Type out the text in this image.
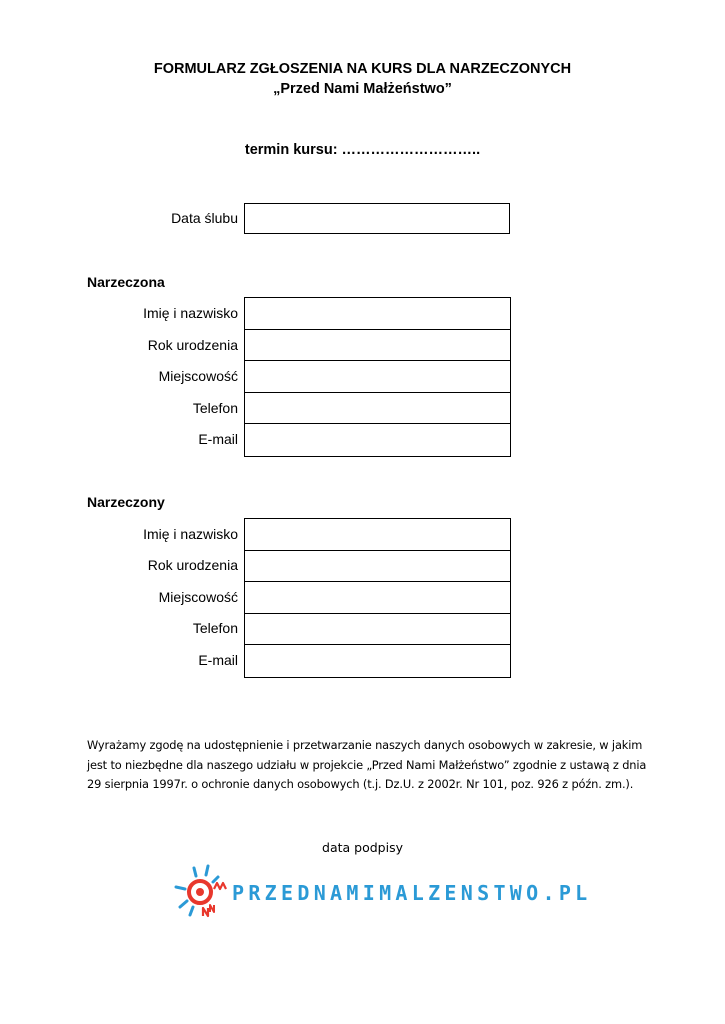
FORMULARZ ZGŁOSZENIA NA KURS DLA NARZECZONYCH
„Przed Nami Małżeństwo”
termin kursu: ………………………..
Data ślubu
Narzeczona
Imię i nazwisko
Rok urodzenia
Miejscowość
Telefon
E-mail
Narzeczony
Imię i nazwisko
Rok urodzenia
Miejscowość
Telefon
E-mail
Wyrażamy zgodę na udostępnienie i przetwarzanie naszych danych osobowych w zakresie, w jakim
jest to niezbędne dla naszego udziału w projekcie „Przed Nami Małżeństwo” zgodnie z ustawą z dnia
29 sierpnia 1997r. o ochronie danych osobowych (t.j. Dz.U. z 2002r. Nr 101, poz. 926 z późn. zm.).
data podpisy
PRZEDNAMIMALZENSTWO.PL
